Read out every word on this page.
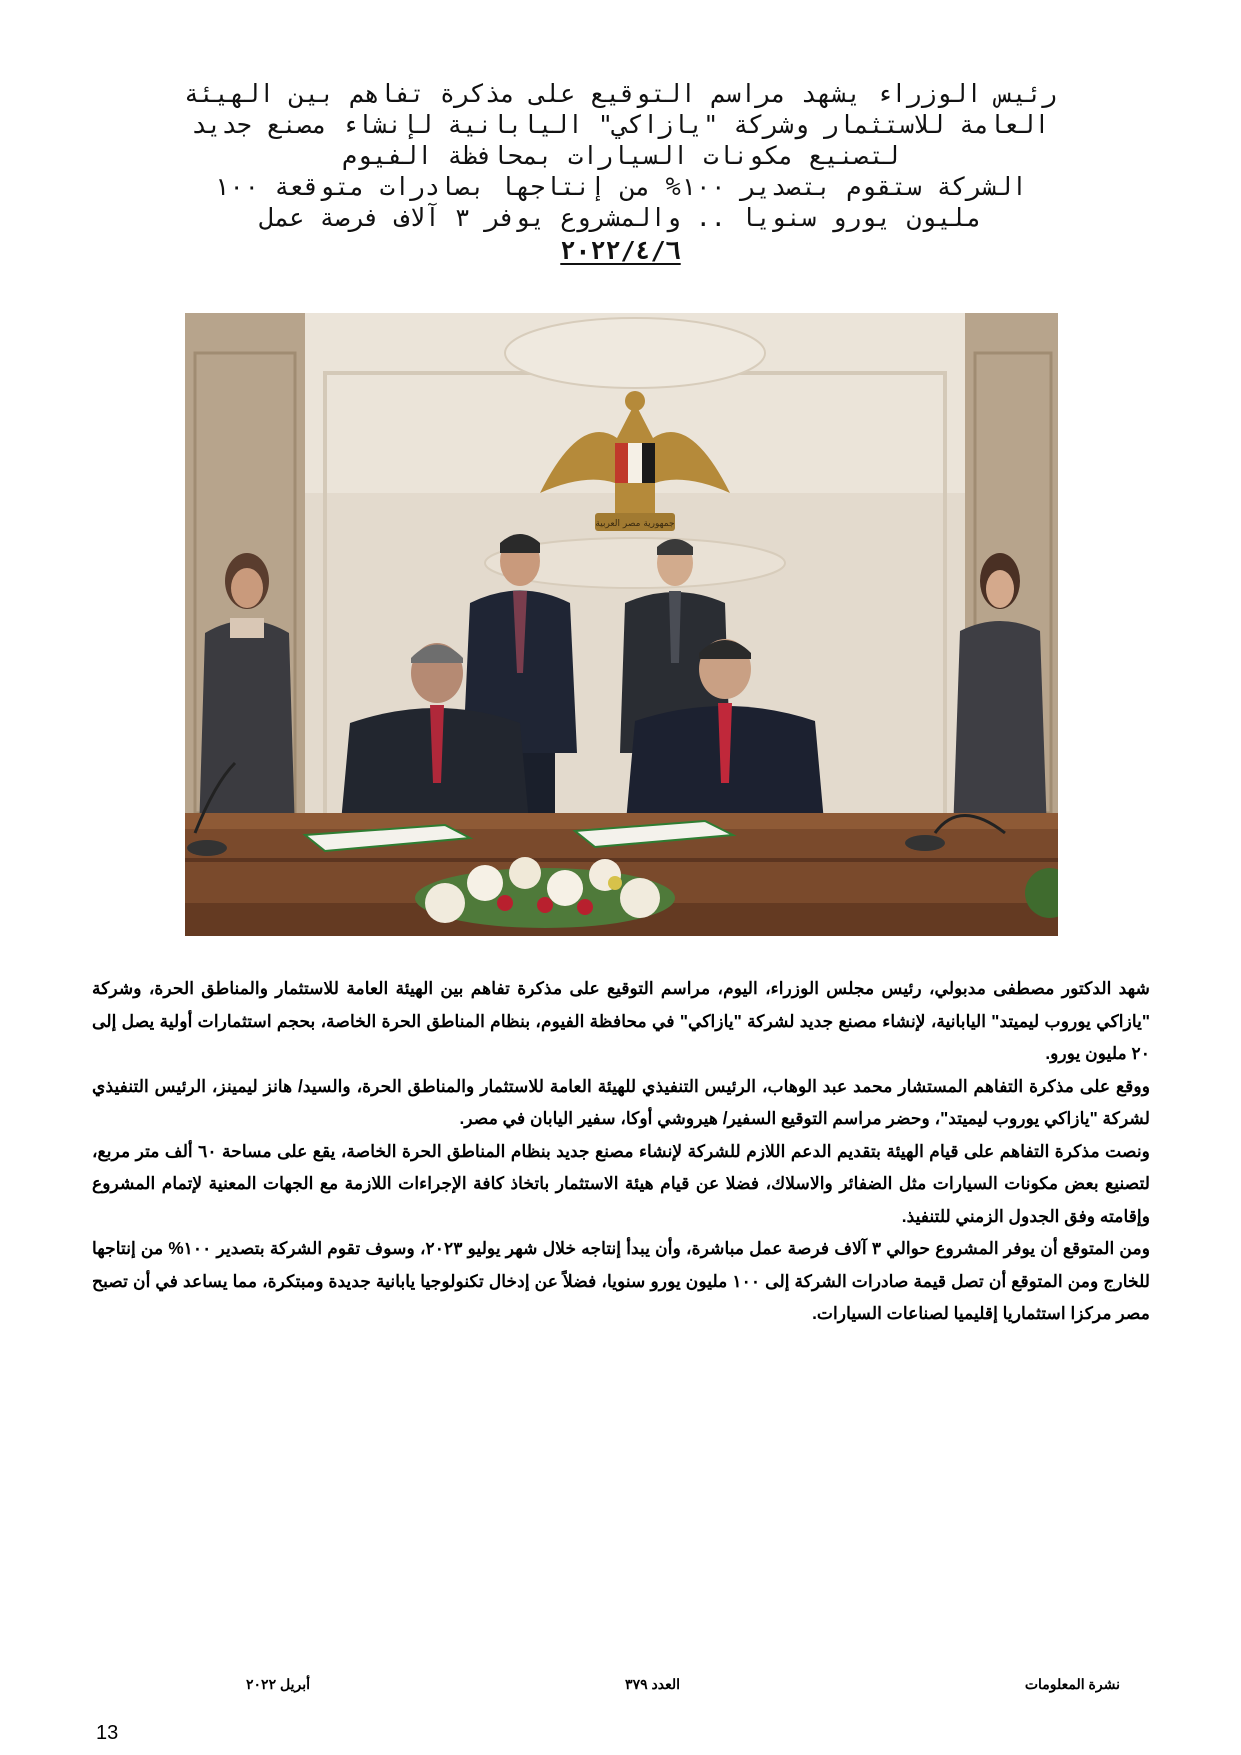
رئيس الوزراء يشهد مراسم التوقيع على مذكرة تفاهم بين الهيئة
العامة للاستثمار وشركة "يازاكي" اليابانية لإنشاء مصنع جديد
لتصنيع مكونات السيارات بمحافظة الفيوم
الشركة ستقوم بتصدير ١٠٠% من إنتاجها بصادرات متوقعة ١٠٠
مليون يورو سنويا .. والمشروع يوفر ٣ آلاف فرصة عمل
٢٠٢٢/٤/٦
جمهورية مصر العربية

شهد الدكتور مصطفى مدبولي، رئيس مجلس الوزراء، اليوم، مراسم التوقيع على مذكرة تفاهم بين الهيئة العامة للاستثمار والمناطق الحرة، وشركة "يازاكي يوروب ليميتد" اليابانية، لإنشاء مصنع جديد لشركة "يازاكي" في محافظة الفيوم، بنظام المناطق الحرة الخاصة، بحجم استثمارات أولية يصل إلى ٢٠ مليون يورو.

ووقع على مذكرة التفاهم المستشار محمد عبد الوهاب، الرئيس التنفيذي للهيئة العامة للاستثمار والمناطق الحرة، والسيد/ هانز ليمينز، الرئيس التنفيذي لشركة "يازاكي يوروب ليميتد"، وحضر مراسم التوقيع السفير/ هيروشي أوكا، سفير اليابان في مصر.

ونصت مذكرة التفاهم على قيام الهيئة بتقديم الدعم اللازم للشركة لإنشاء مصنع جديد بنظام المناطق الحرة الخاصة، يقع على مساحة ٦٠ ألف متر مربع، لتصنيع بعض مكونات السيارات مثل الضفائر والاسلاك، فضلا عن قيام هيئة الاستثمار باتخاذ كافة الإجراءات اللازمة مع الجهات المعنية لإتمام المشروع وإقامته وفق الجدول الزمني للتنفيذ.

ومن المتوقع أن يوفر المشروع حوالي ٣ آلاف فرصة عمل مباشرة، وأن يبدأ إنتاجه خلال شهر يوليو ٢٠٢٣، وسوف تقوم الشركة بتصدير ١٠٠% من إنتاجها للخارج ومن المتوقع أن تصل قيمة صادرات الشركة إلى ١٠٠ مليون يورو سنويا، فضلاً عن إدخال تكنولوجيا يابانية جديدة ومبتكرة، مما يساعد في أن تصبح مصر مركزا استثماريا إقليميا لصناعات السيارات.

نشرة المعلومات
العدد ٣٧٩
أبريل ٢٠٢٢
13
